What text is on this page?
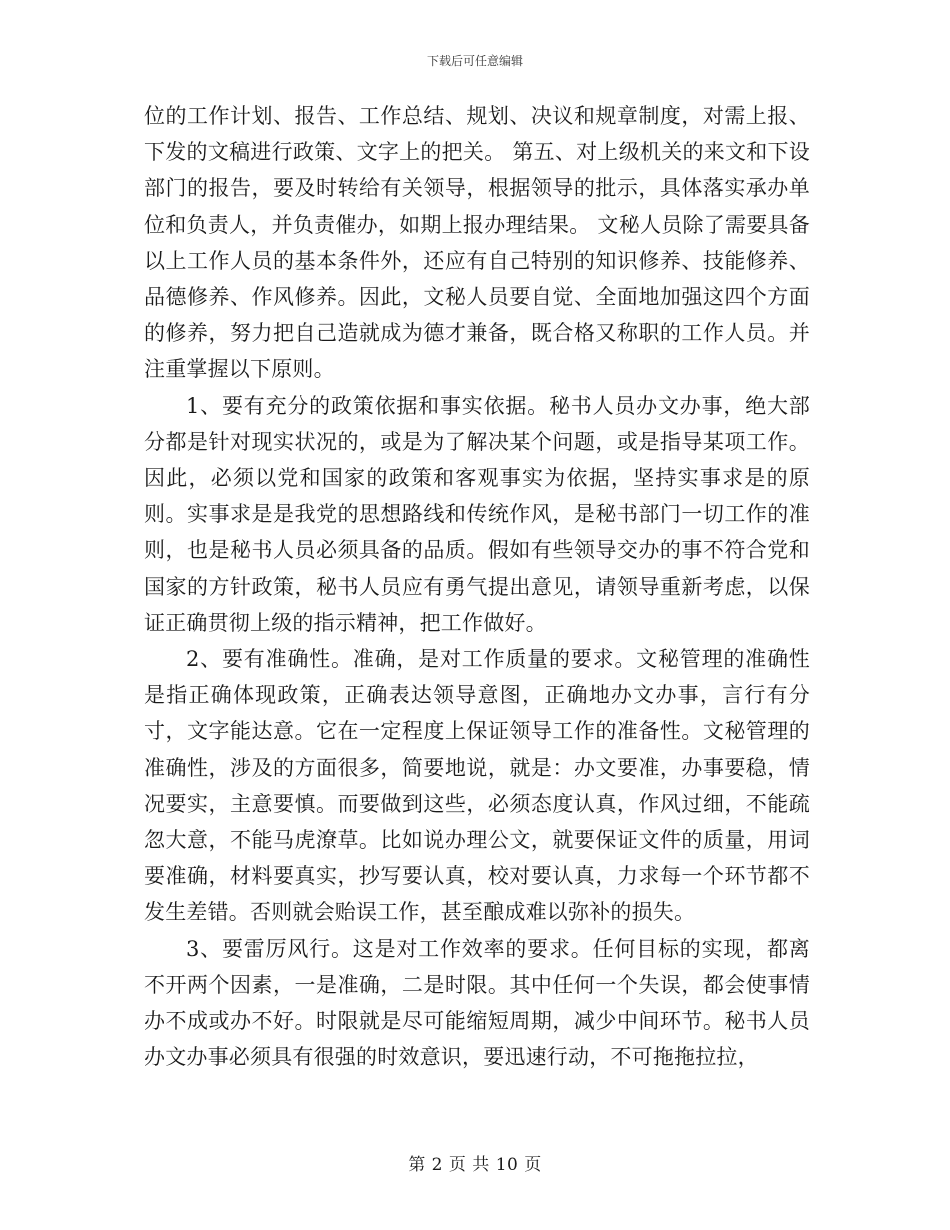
下载后可任意编辑

位的工作计划、报告、工作总结、规划、决议和规章制度，对需上报、下发的文稿进行政策、文字上的把关。 第五、对上级机关的来文和下设部门的报告，要及时转给有关领导，根据领导的批示，具体落实承办单位和负责人，并负责催办，如期上报办理结果。 文秘人员除了需要具备以上工作人员的基本条件外，还应有自己特别的知识修养、技能修养、品德修养、作风修养。因此，文秘人员要自觉、全面地加强这四个方面的修养，努力把自己造就成为德才兼备，既合格又称职的工作人员。并注重掌握以下原则。

1、要有充分的政策依据和事实依据。秘书人员办文办事，绝大部分都是针对现实状况的，或是为了解决某个问题，或是指导某项工作。因此，必须以党和国家的政策和客观事实为依据，坚持实事求是的原则。实事求是是我党的思想路线和传统作风，是秘书部门一切工作的准则，也是秘书人员必须具备的品质。假如有些领导交办的事不符合党和国家的方针政策，秘书人员应有勇气提出意见，请领导重新考虑，以保证正确贯彻上级的指示精神，把工作做好。

2、要有准确性。准确，是对工作质量的要求。文秘管理的准确性是指正确体现政策，正确表达领导意图，正确地办文办事，言行有分寸，文字能达意。它在一定程度上保证领导工作的准备性。文秘管理的准确性，涉及的方面很多，简要地说，就是：办文要准，办事要稳，情况要实，主意要慎。而要做到这些，必须态度认真，作风过细，不能疏忽大意，不能马虎潦草。比如说办理公文，就要保证文件的质量，用词要准确，材料要真实，抄写要认真，校对要认真，力求每一个环节都不发生差错。否则就会贻误工作，甚至酿成难以弥补的损失。

3、要雷厉风行。这是对工作效率的要求。任何目标的实现，都离不开两个因素，一是准确，二是时限。其中任何一个失误，都会使事情办不成或办不好。时限就是尽可能缩短周期，减少中间环节。秘书人员办文办事必须具有很强的时效意识，要迅速行动，不可拖拖拉拉，

第 2 页 共 10 页
